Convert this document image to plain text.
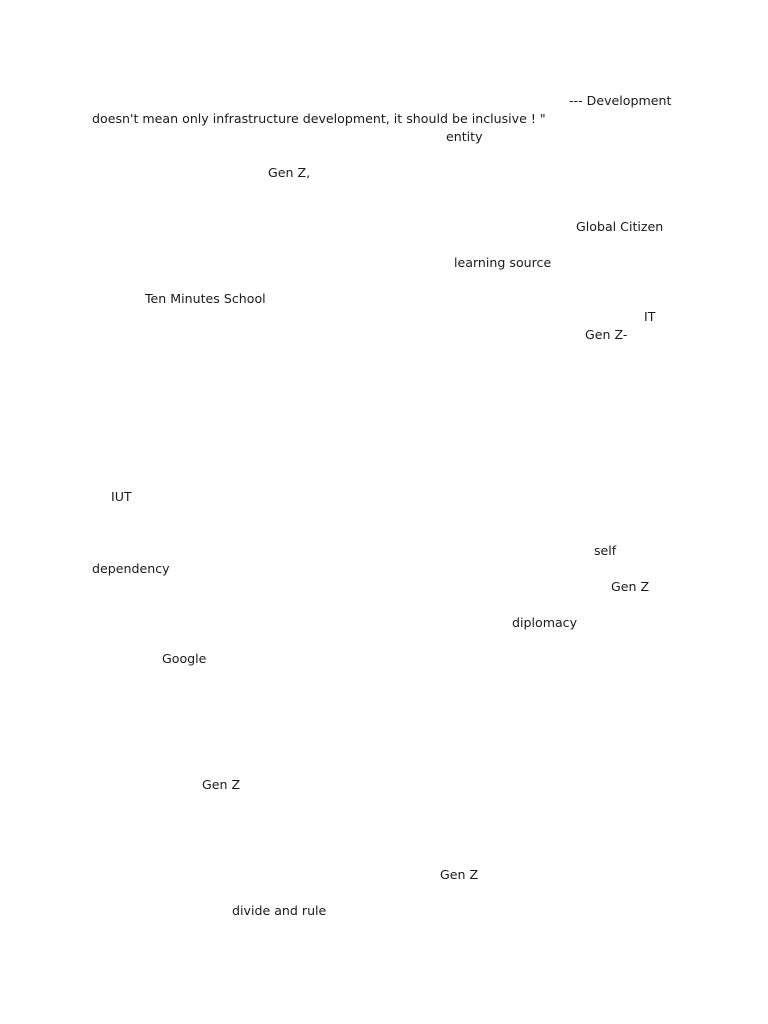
--- Development
doesn't mean only infrastructure development, it should be inclusive ! "
entity
Gen Z,
Global Citizen
learning source
Ten Minutes School
IT
Gen Z-
IUT
self
dependency
Gen Z
diplomacy
Google
Gen Z
Gen Z
divide and rule
